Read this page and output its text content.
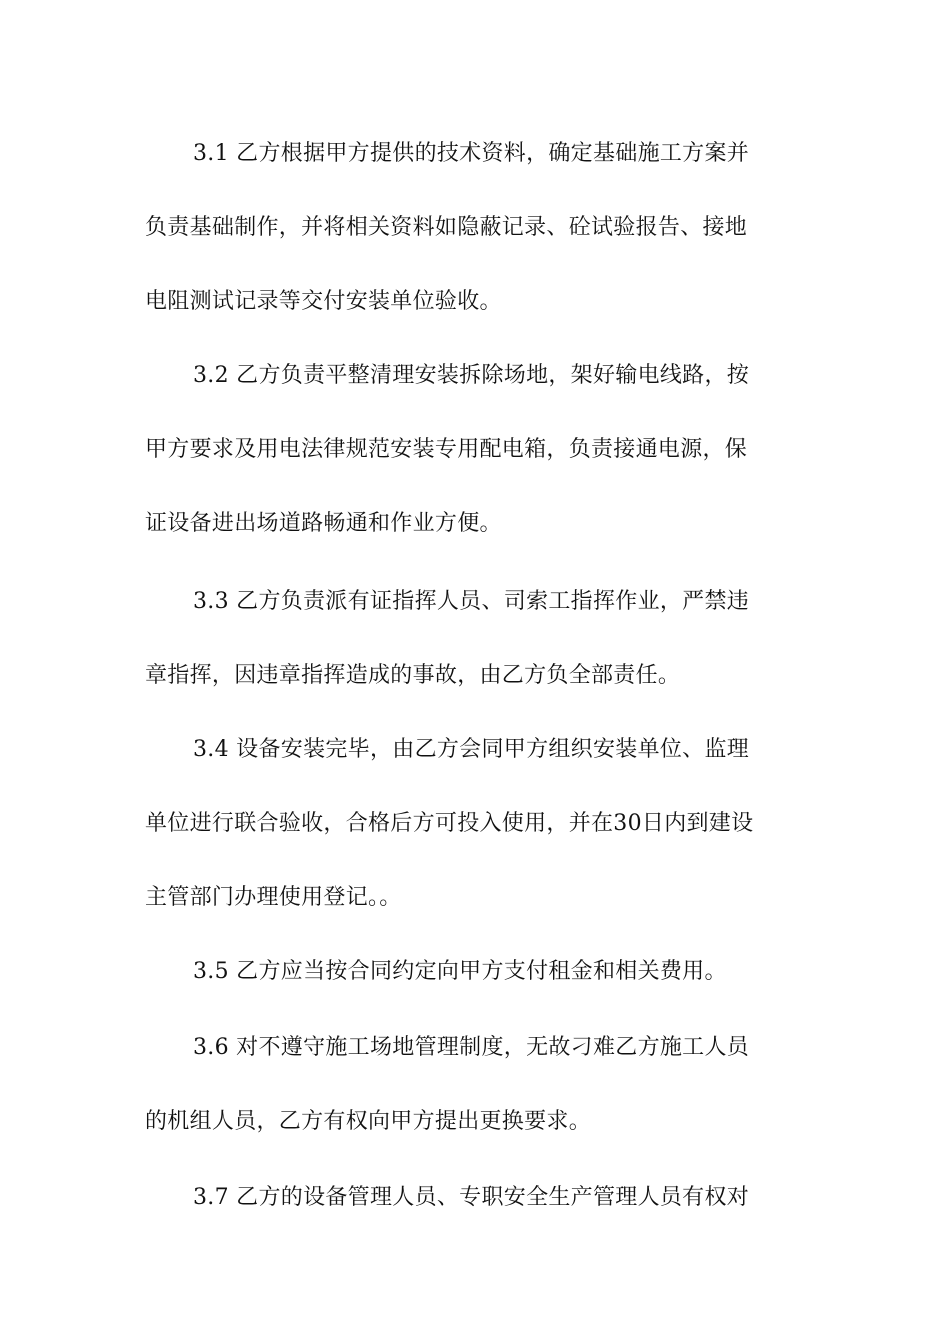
3.1 乙方根据甲方提供的技术资料，确定基础施工方案并
负责基础制作，并将相关资料如隐蔽记录、砼试验报告、接地
电阻测试记录等交付安装单位验收。
3.2 乙方负责平整清理安装拆除场地，架好输电线路，按
甲方要求及用电法律规范安装专用配电箱，负责接通电源，保
证设备进出场道路畅通和作业方便。
3.3 乙方负责派有证指挥人员、司索工指挥作业，严禁违
章指挥，因违章指挥造成的事故，由乙方负全部责任。
3.4 设备安装完毕，由乙方会同甲方组织安装单位、监理
单位进行联合验收，合格后方可投入使用，并在30日内到建设
主管部门办理使用登记。。
3.5 乙方应当按合同约定向甲方支付租金和相关费用。
3.6 对不遵守施工场地管理制度，无故刁难乙方施工人员
的机组人员，乙方有权向甲方提出更换要求。
3.7 乙方的设备管理人员、专职安全生产管理人员有权对
